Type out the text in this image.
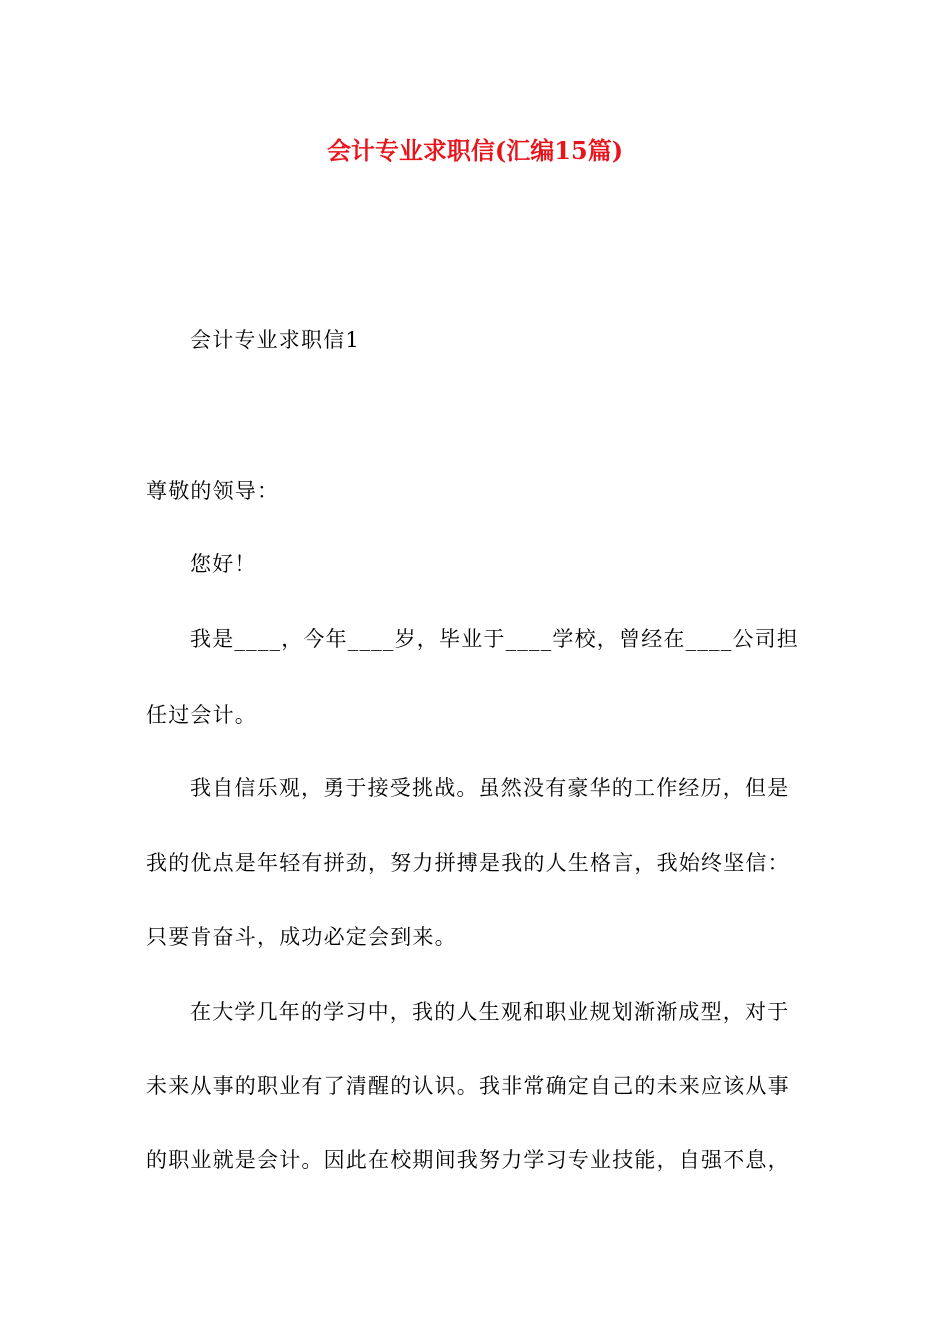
会计专业求职信(汇编15篇)
会计专业求职信1
尊敬的领导：
您好！
我是____，今年____岁，毕业于____学校，曾经在____公司担
任过会计。
我自信乐观，勇于接受挑战。虽然没有豪华的工作经历，但是
我的优点是年轻有拼劲，努力拼搏是我的人生格言，我始终坚信：
只要肯奋斗，成功必定会到来。
在大学几年的学习中，我的人生观和职业规划渐渐成型，对于
未来从事的职业有了清醒的认识。我非常确定自己的未来应该从事
的职业就是会计。因此在校期间我努力学习专业技能，自强不息，
